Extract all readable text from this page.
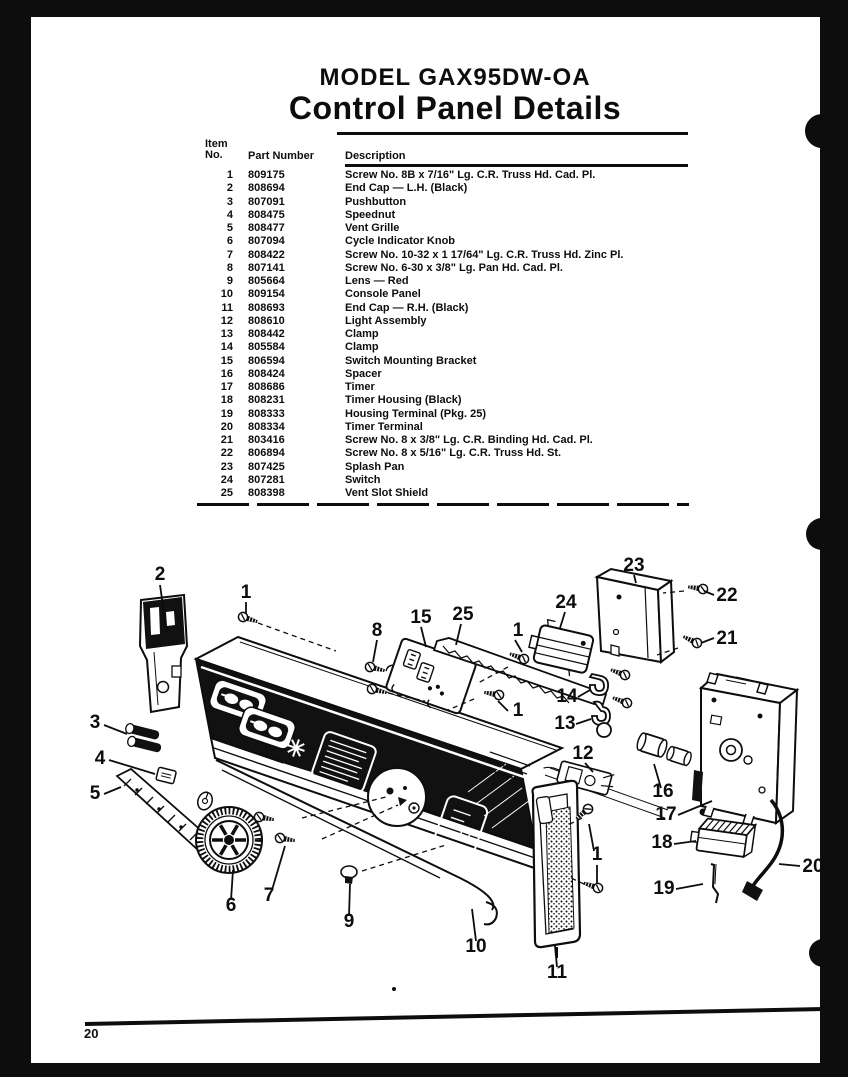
2
1
8
15 25
1
24
23
22
21
1
14
13
12
16
17
18
19
20
3
4
5
6 7
9
10
11
1
MODEL GAX95DW-OA
Control Panel Details
Item
No.	Part Number	Description
1 809175	Screw No. 8B x 7/16" Lg. C.R. Truss Hd. Cad. Pl.
2 808694	End Cap — L.H. (Black)
3 807091	Pushbutton
4 808475	Speednut
5 808477	Vent Grille
6 807094	Cycle Indicator Knob
7 808422	Screw No. 10-32 x 1 17/64" Lg. C.R. Truss Hd. Zinc Pl.
8 807141	Screw No. 6-30 x 3/8" Lg. Pan Hd. Cad. Pl.
9 805664	Lens — Red
10 809154	Console Panel
11 808693	End Cap — R.H. (Black)
12 808610	Light Assembly
13 808442	Clamp
14 805584	Clamp
15 806594	Switch Mounting Bracket
16 808424	Spacer
17 808686	Timer
18 808231	Timer Housing (Black)
19 808333	Housing Terminal (Pkg. 25)
20 808334	Timer Terminal
21 803416	Screw No. 8 x 3/8" Lg. C.R. Binding Hd. Cad. Pl.
22 806894	Screw No. 8 x 5/16" Lg. C.R. Truss Hd. St.
23 807425	Splash Pan
24 807281	Switch
25 808398	Vent Slot Shield
20
